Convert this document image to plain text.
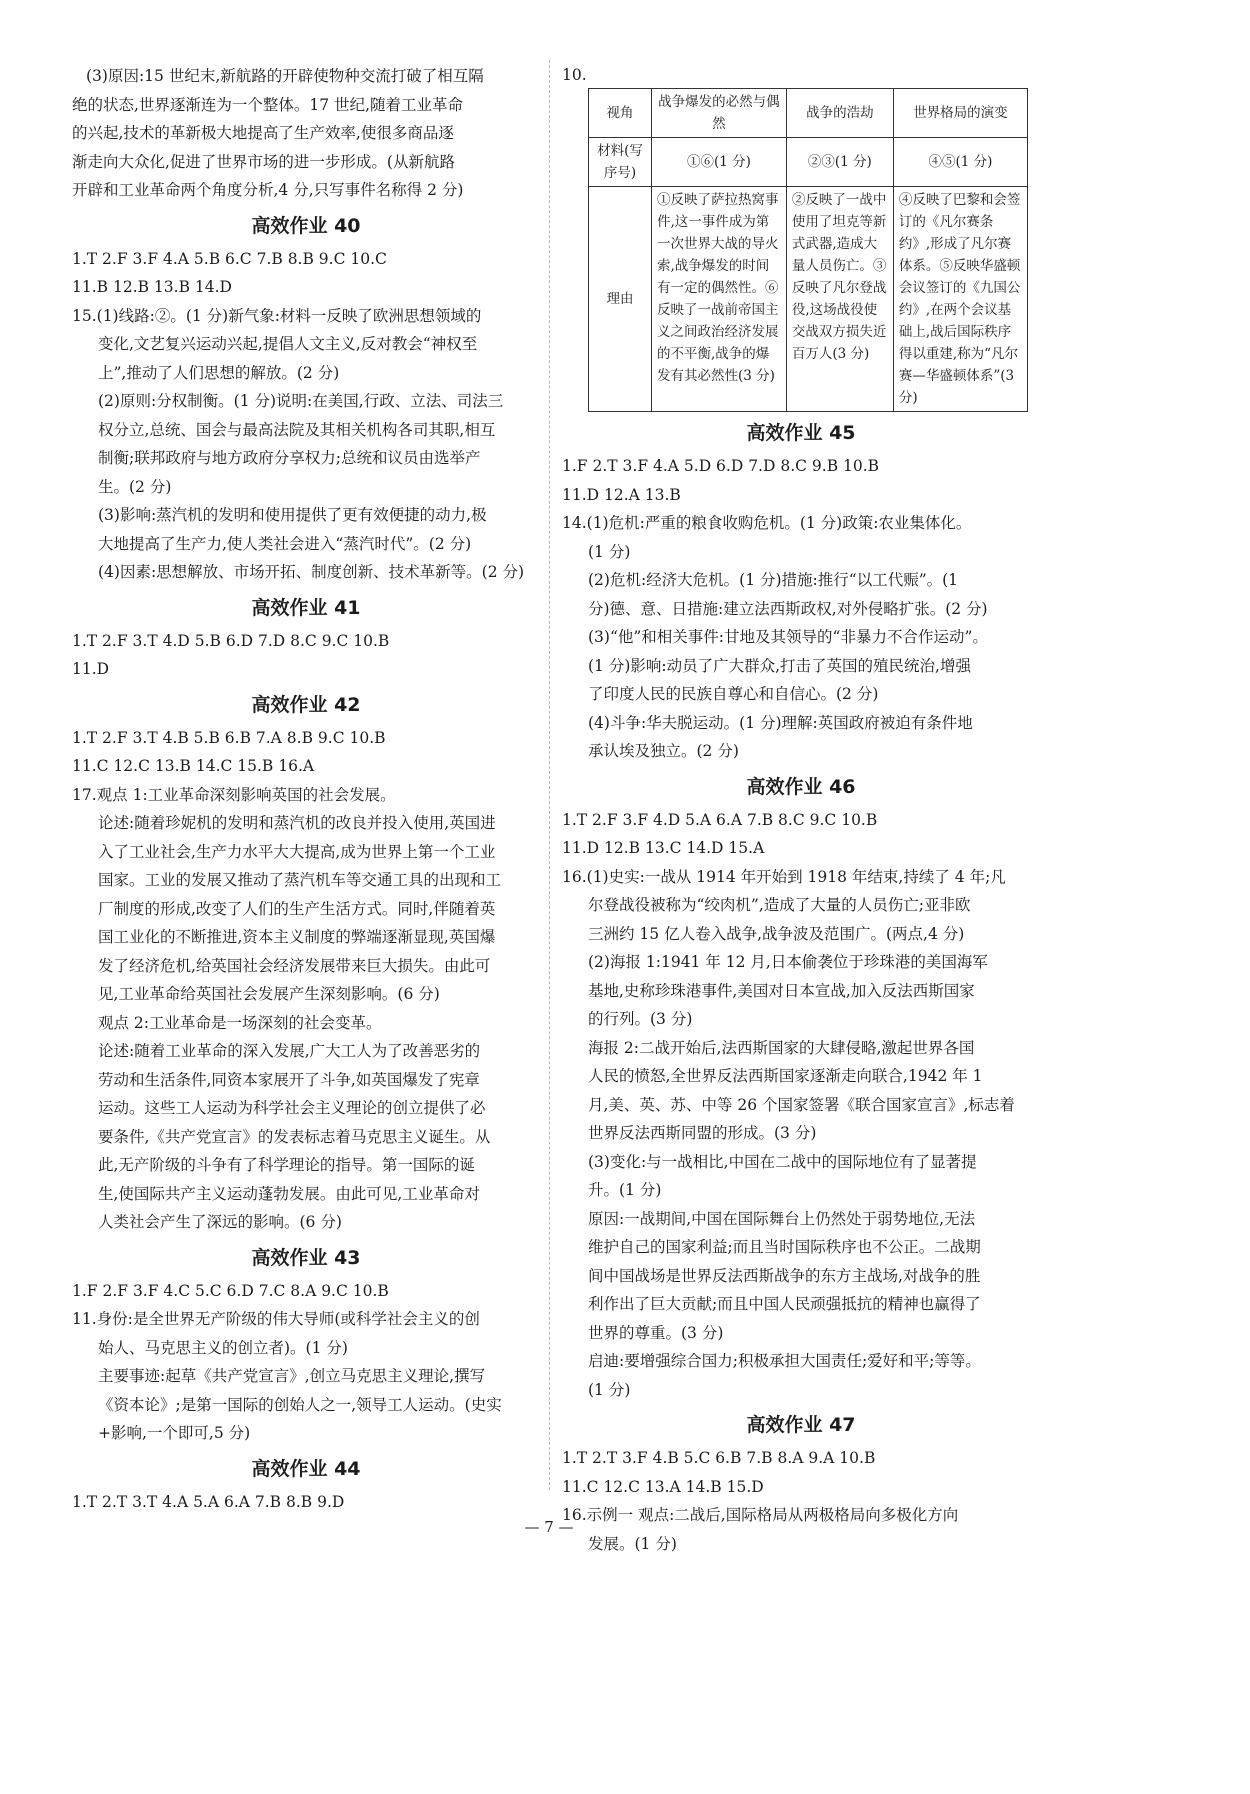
(3)原因:15 世纪末,新航路的开辟使物种交流打破了相互隔
绝的状态,世界逐渐连为一个整体。17 世纪,随着工业革命
的兴起,技术的革新极大地提高了生产效率,使很多商品逐
渐走向大众化,促进了世界市场的进一步形成。(从新航路
开辟和工业革命两个角度分析,4 分,只写事件名称得 2 分)
高效作业 40
1.T 2.F 3.F 4.A 5.B 6.C 7.B 8.B 9.C 10.C
11.B 12.B 13.B 14.D
15.(1)线路:②。(1 分)新气象:材料一反映了欧洲思想领域的
变化,文艺复兴运动兴起,提倡人文主义,反对教会“神权至
上”,推动了人们思想的解放。(2 分)
(2)原则:分权制衡。(1 分)说明:在美国,行政、立法、司法三
权分立,总统、国会与最高法院及其相关机构各司其职,相互
制衡;联邦政府与地方政府分享权力;总统和议员由选举产
生。(2 分)
(3)影响:蒸汽机的发明和使用提供了更有效便捷的动力,极
大地提高了生产力,使人类社会进入“蒸汽时代”。(2 分)
(4)因素:思想解放、市场开拓、制度创新、技术革新等。(2 分)
高效作业 41
1.T 2.F 3.T 4.D 5.B 6.D 7.D 8.C 9.C 10.B
11.D
高效作业 42
1.T 2.F 3.T 4.B 5.B 6.B 7.A 8.B 9.C 10.B
11.C 12.C 13.B 14.C 15.B 16.A
17.观点 1:工业革命深刻影响英国的社会发展。
论述:随着珍妮机的发明和蒸汽机的改良并投入使用,英国进
入了工业社会,生产力水平大大提高,成为世界上第一个工业
国家。工业的发展又推动了蒸汽机车等交通工具的出现和工
厂制度的形成,改变了人们的生产生活方式。同时,伴随着英
国工业化的不断推进,资本主义制度的弊端逐渐显现,英国爆
发了经济危机,给英国社会经济发展带来巨大损失。由此可
见,工业革命给英国社会发展产生深刻影响。(6 分)
观点 2:工业革命是一场深刻的社会变革。
论述:随着工业革命的深入发展,广大工人为了改善恶劣的
劳动和生活条件,同资本家展开了斗争,如英国爆发了宪章
运动。这些工人运动为科学社会主义理论的创立提供了必
要条件,《共产党宣言》的发表标志着马克思主义诞生。从
此,无产阶级的斗争有了科学理论的指导。第一国际的诞
生,使国际共产主义运动蓬勃发展。由此可见,工业革命对
人类社会产生了深远的影响。(6 分)
高效作业 43
1.F 2.F 3.F 4.C 5.C 6.D 7.C 8.A 9.C 10.B
11.身份:是全世界无产阶级的伟大导师(或科学社会主义的创
始人、马克思主义的创立者)。(1 分)
主要事迹:起草《共产党宣言》,创立马克思主义理论,撰写
《资本论》;是第一国际的创始人之一,领导工人运动。(史实
+影响,一个即可,5 分)
高效作业 44
1.T 2.T 3.T 4.A 5.A 6.A 7.B 8.B 9.D
10.
视角	战争爆发的必然与偶然	战争的浩劫	世界格局的演变
材料(写序号)	①⑥(1 分)	②③(1 分)	④⑤(1 分)
理由	①反映了萨拉热窝事件,这一事件成为第一次世界大战的导火索,战争爆发的时间有一定的偶然性。⑥反映了一战前帝国主义之间政治经济发展的不平衡,战争的爆发有其必然性(3 分)	②反映了一战中使用了坦克等新式武器,造成大量人员伤亡。③反映了凡尔登战役,这场战役使交战双方损失近百万人(3 分)	④反映了巴黎和会签订的《凡尔赛条约》,形成了凡尔赛体系。⑤反映华盛顿会议签订的《九国公约》,在两个会议基础上,战后国际秩序得以重建,称为“凡尔赛—华盛顿体系”(3 分)
高效作业 45
1.F 2.T 3.F 4.A 5.D 6.D 7.D 8.C 9.B 10.B
11.D 12.A 13.B
14.(1)危机:严重的粮食收购危机。(1 分)政策:农业集体化。
(1 分)
(2)危机:经济大危机。(1 分)措施:推行“以工代赈”。(1
分)德、意、日措施:建立法西斯政权,对外侵略扩张。(2 分)
(3)“他”和相关事件:甘地及其领导的“非暴力不合作运动”。
(1 分)影响:动员了广大群众,打击了英国的殖民统治,增强
了印度人民的民族自尊心和自信心。(2 分)
(4)斗争:华夫脱运动。(1 分)理解:英国政府被迫有条件地
承认埃及独立。(2 分)
高效作业 46
1.T 2.F 3.F 4.D 5.A 6.A 7.B 8.C 9.C 10.B
11.D 12.B 13.C 14.D 15.A
16.(1)史实:一战从 1914 年开始到 1918 年结束,持续了 4 年;凡
尔登战役被称为“绞肉机”,造成了大量的人员伤亡;亚非欧
三洲约 15 亿人卷入战争,战争波及范围广。(两点,4 分)
(2)海报 1:1941 年 12 月,日本偷袭位于珍珠港的美国海军
基地,史称珍珠港事件,美国对日本宣战,加入反法西斯国家
的行列。(3 分)
海报 2:二战开始后,法西斯国家的大肆侵略,激起世界各国
人民的愤怒,全世界反法西斯国家逐渐走向联合,1942 年 1
月,美、英、苏、中等 26 个国家签署《联合国家宣言》,标志着
世界反法西斯同盟的形成。(3 分)
(3)变化:与一战相比,中国在二战中的国际地位有了显著提
升。(1 分)
原因:一战期间,中国在国际舞台上仍然处于弱势地位,无法
维护自己的国家利益;而且当时国际秩序也不公正。二战期
间中国战场是世界反法西斯战争的东方主战场,对战争的胜
利作出了巨大贡献;而且中国人民顽强抵抗的精神也赢得了
世界的尊重。(3 分)
启迪:要增强综合国力;积极承担大国责任;爱好和平;等等。
(1 分)
高效作业 47
1.T 2.T 3.F 4.B 5.C 6.B 7.B 8.A 9.A 10.B
11.C 12.C 13.A 14.B 15.D
16.示例一 观点:二战后,国际格局从两极格局向多极化方向
发展。(1 分)
— 7 —
